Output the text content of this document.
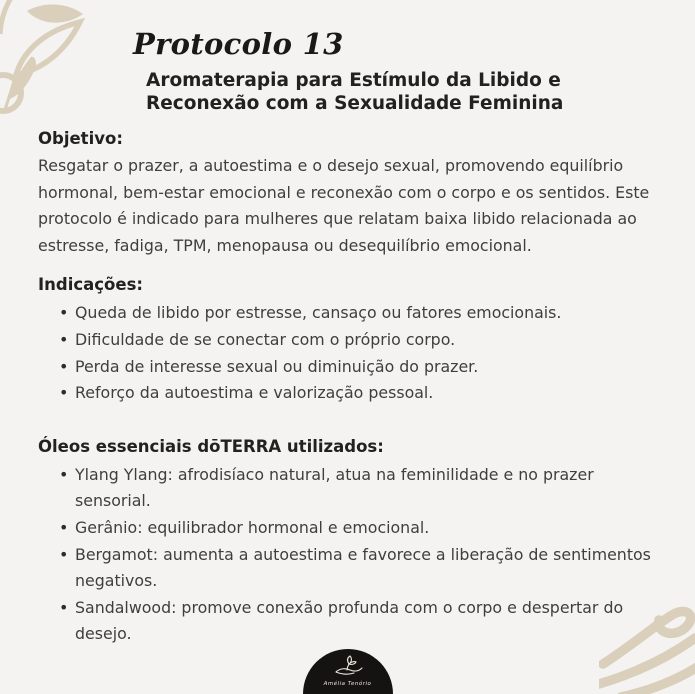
Protocolo 13
Aromaterapia para Estímulo da Libido e Reconexão com a Sexualidade Feminina
Objetivo:

Resgatar o prazer, a autoestima e o desejo sexual, promovendo equilíbrio hormonal, bem-estar emocional e reconexão com o corpo e os sentidos. Este protocolo é indicado para mulheres que relatam baixa libido relacionada ao estresse, fadiga, TPM, menopausa ou desequilíbrio emocional.

Indicações:
• Queda de libido por estresse, cansaço ou fatores emocionais.
• Dificuldade de se conectar com o próprio corpo.
• Perda de interesse sexual ou diminuição do prazer.
• Reforço da autoestima e valorização pessoal.
Óleos essenciais dōTERRA utilizados:
• Ylang Ylang: afrodisíaco natural, atua na feminilidade e no prazer sensorial.
• Gerânio: equilibrador hormonal e emocional.
• Bergamot: aumenta a autoestima e favorece a liberação de sentimentos negativos.
• Sandalwood: promove conexão profunda com o corpo e despertar do desejo.
Amélia Tenório
